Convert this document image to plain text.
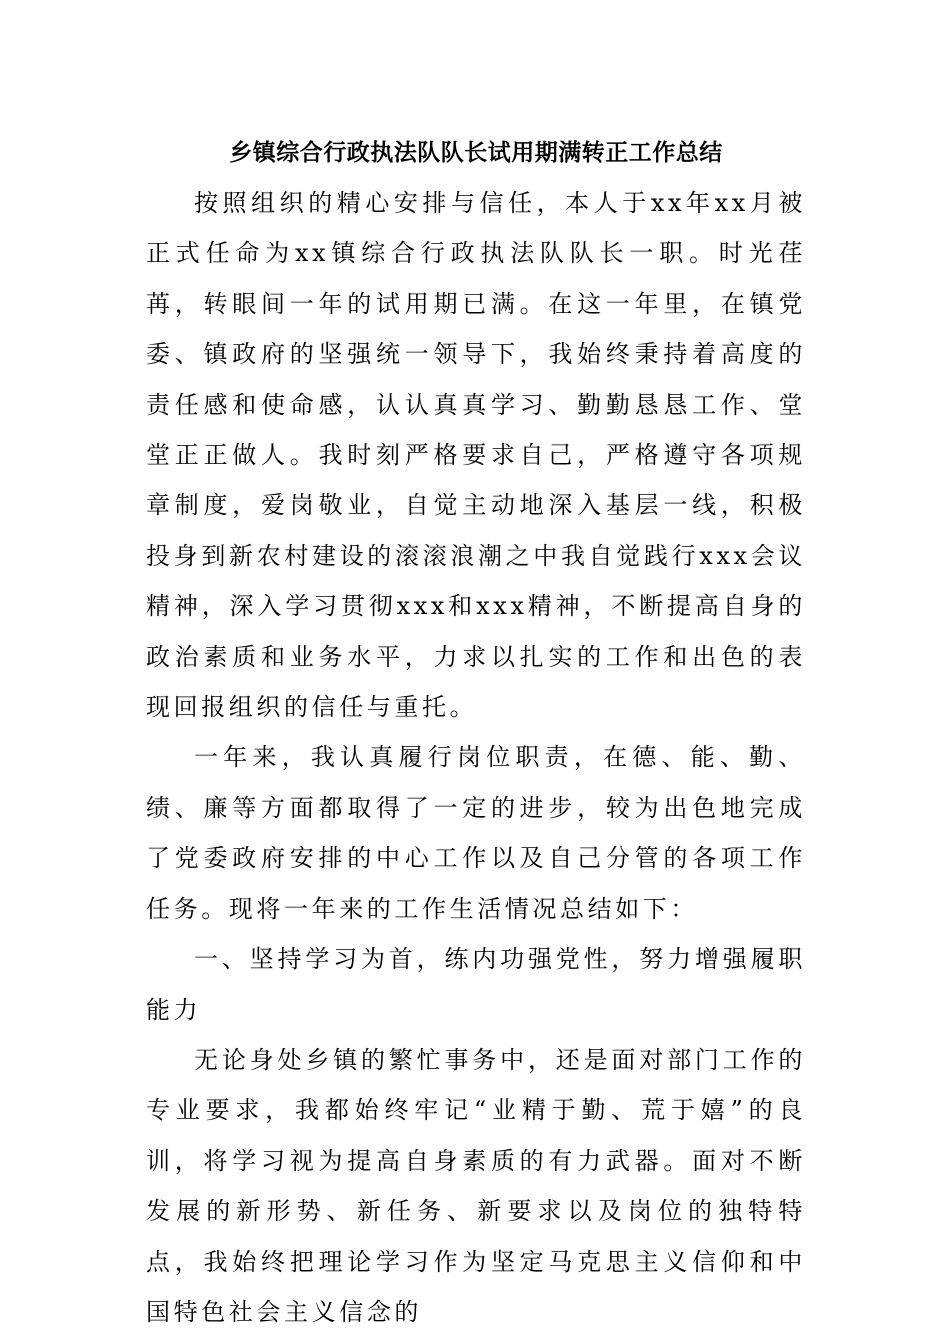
乡镇综合行政执法队队长试用期满转正工作总结

按照组织的精心安排与信任，本人于xx年xx月被正式任命为xx镇综合行政执法队队长一职。时光荏苒，转眼间一年的试用期已满。在这一年里，在镇党委、镇政府的坚强统一领导下，我始终秉持着高度的责任感和使命感，认认真真学习、勤勤恳恳工作、堂堂正正做人。我时刻严格要求自己，严格遵守各项规章制度，爱岗敬业，自觉主动地深入基层一线，积极投身到新农村建设的滚滚浪潮之中我自觉践行xxx会议精神，深入学习贯彻xxx和xxx精神，不断提高自身的政治素质和业务水平，力求以扎实的工作和出色的表现回报组织的信任与重托。

一年来，我认真履行岗位职责，在德、能、勤、绩、廉等方面都取得了一定的进步，较为出色地完成了党委政府安排的中心工作以及自己分管的各项工作任务。现将一年来的工作生活情况总结如下：

一、坚持学习为首，练内功强党性，努力增强履职能力

无论身处乡镇的繁忙事务中，还是面对部门工作的专业要求，我都始终牢记“业精于勤、荒于嬉”的良训，将学习视为提高自身素质的有力武器。面对不断发展的新形势、新任务、新要求以及岗位的独特特点，我始终把理论学习作为坚定马克思主义信仰和中国特色社会主义信念的
